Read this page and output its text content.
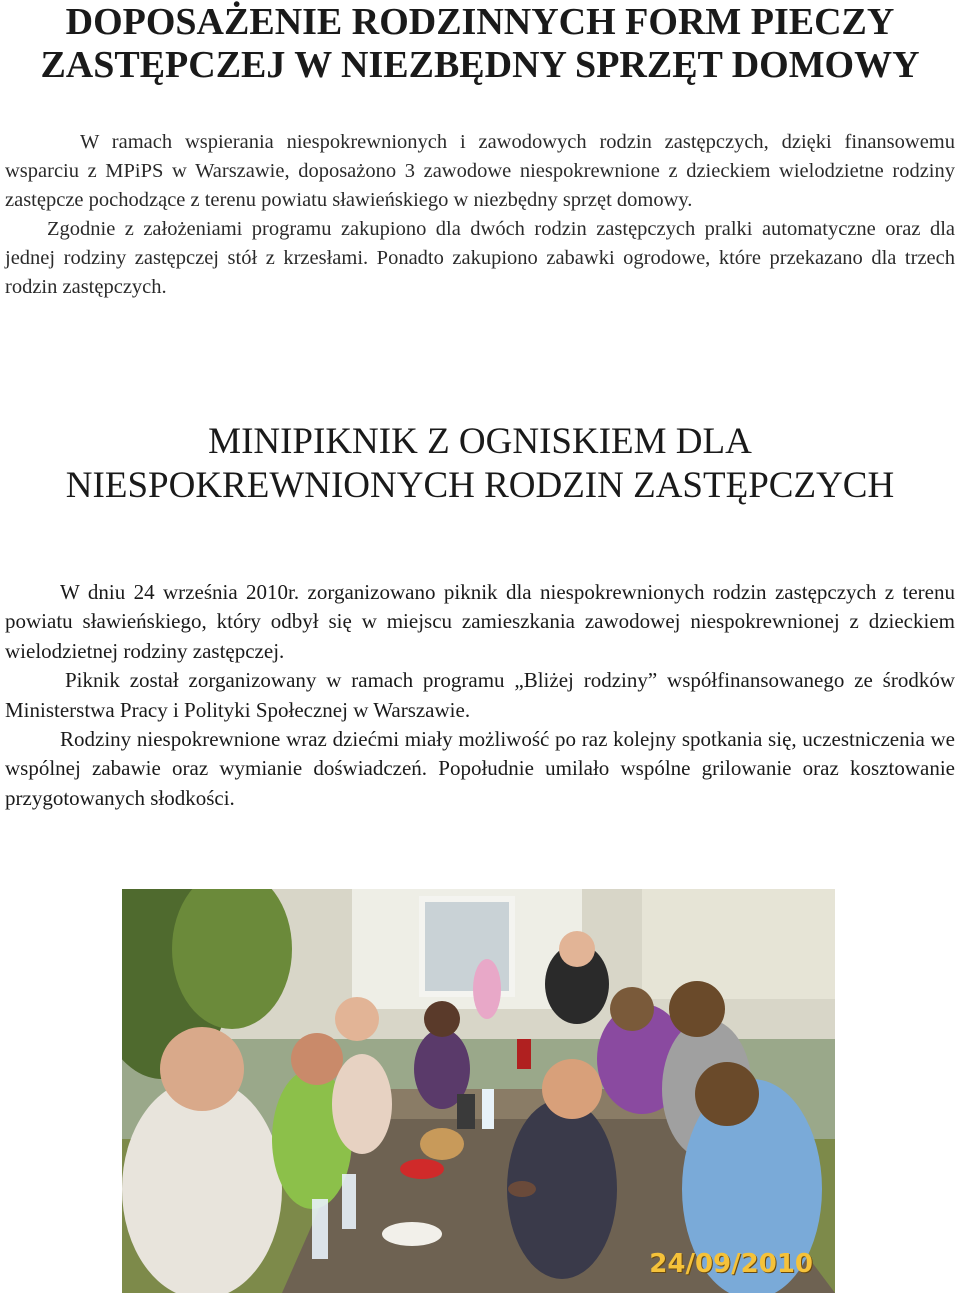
DOPOSAŻENIE RODZINNYCH FORM PIECZY
ZASTĘPCZEJ W NIEZBĘDNY SPRZĘT DOMOWY

W ramach wspierania niespokrewnionych i zawodowych rodzin zastępczych, dzięki finansowemu wsparciu z MPiPS w Warszawie, doposażono 3 zawodowe niespokrewnione z dzieckiem wielodzietne rodziny zastępcze pochodzące z terenu powiatu sławieńskiego w niezbędny sprzęt domowy.

Zgodnie z założeniami programu zakupiono dla dwóch rodzin zastępczych pralki automatyczne oraz dla jednej rodziny zastępczej stół z krzesłami. Ponadto zakupiono zabawki ogrodowe, które przekazano dla trzech rodzin zastępczych.

MINIPIKNIK Z OGNISKIEM DLA
NIESPOKREWNIONYCH RODZIN ZASTĘPCZYCH

W dniu 24 września 2010r. zorganizowano piknik dla niespokrewnionych rodzin zastępczych z terenu powiatu sławieńskiego, który odbył się w miejscu zamieszkania zawodowej niespokrewnionej z dzieckiem wielodzietnej rodziny zastępczej.

Piknik został zorganizowany w ramach programu „Bliżej rodziny” współfinansowanego ze środków Ministerstwa Pracy i Polityki Społecznej w Warszawie.

Rodziny niespokrewnione wraz dziećmi miały możliwość po raz kolejny spotkania się, uczestniczenia we wspólnej zabawie oraz wymianie doświadczeń. Popołudnie umilało wspólne grilowanie oraz kosztowanie przygotowanych słodkości.

24/09/2010
